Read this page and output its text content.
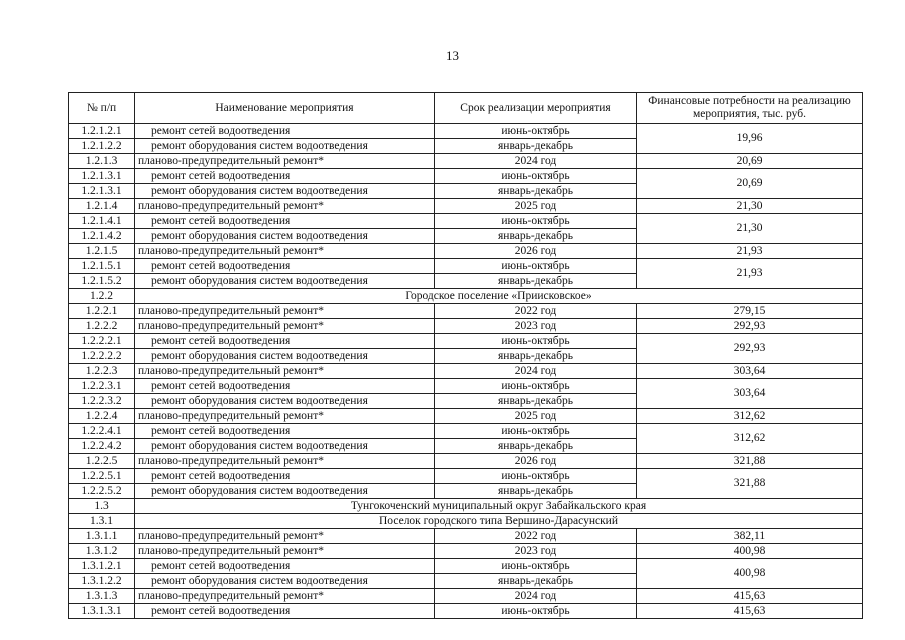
13
№ п/п	Наименование мероприятия	Срок реализации мероприятия	Финансовые потребности на реализацию мероприятия, тыс. руб.
1.2.1.2.1	ремонт сетей водоотведения	июнь-октябрь	19,96
1.2.1.2.2	ремонт оборудования систем водоотведения	январь-декабрь	
1.2.1.3	планово-предупредительный ремонт*	2024 год	20,69
1.2.1.3.1	ремонт сетей водоотведения	июнь-октябрь	20,69
1.2.1.3.1	ремонт оборудования систем водоотведения	январь-декабрь	
1.2.1.4	планово-предупредительный ремонт*	2025 год	21,30
1.2.1.4.1	ремонт сетей водоотведения	июнь-октябрь	21,30
1.2.1.4.2	ремонт оборудования систем водоотведения	январь-декабрь	
1.2.1.5	планово-предупредительный ремонт*	2026 год	21,93
1.2.1.5.1	ремонт сетей водоотведения	июнь-октябрь	21,93
1.2.1.5.2	ремонт оборудования систем водоотведения	январь-декабрь	
1.2.2	Городское поселение «Приисковское»		
1.2.2.1	планово-предупредительный ремонт*	2022 год	279,15
1.2.2.2	планово-предупредительный ремонт*	2023 год	292,93
1.2.2.2.1	ремонт сетей водоотведения	июнь-октябрь	292,93
1.2.2.2.2	ремонт оборудования систем водоотведения	январь-декабрь	
1.2.2.3	планово-предупредительный ремонт*	2024 год	303,64
1.2.2.3.1	ремонт сетей водоотведения	июнь-октябрь	303,64
1.2.2.3.2	ремонт оборудования систем водоотведения	январь-декабрь	
1.2.2.4	планово-предупредительный ремонт*	2025 год	312,62
1.2.2.4.1	ремонт сетей водоотведения	июнь-октябрь	312,62
1.2.2.4.2	ремонт оборудования систем водоотведения	январь-декабрь	
1.2.2.5	планово-предупредительный ремонт*	2026 год	321,88
1.2.2.5.1	ремонт сетей водоотведения	июнь-октябрь	321,88
1.2.2.5.2	ремонт оборудования систем водоотведения	январь-декабрь	
1.3	Тунгокоченский муниципальный округ Забайкальского края		
1.3.1	Поселок городского типа Вершино-Дарасунский		
1.3.1.1	планово-предупредительный ремонт*	2022 год	382,11
1.3.1.2	планово-предупредительный ремонт*	2023 год	400,98
1.3.1.2.1	ремонт сетей водоотведения	июнь-октябрь	400,98
1.3.1.2.2	ремонт оборудования систем водоотведения	январь-декабрь	
1.3.1.3	планово-предупредительный ремонт*	2024 год	415,63
1.3.1.3.1	ремонт сетей водоотведения	июнь-октябрь	415,63
